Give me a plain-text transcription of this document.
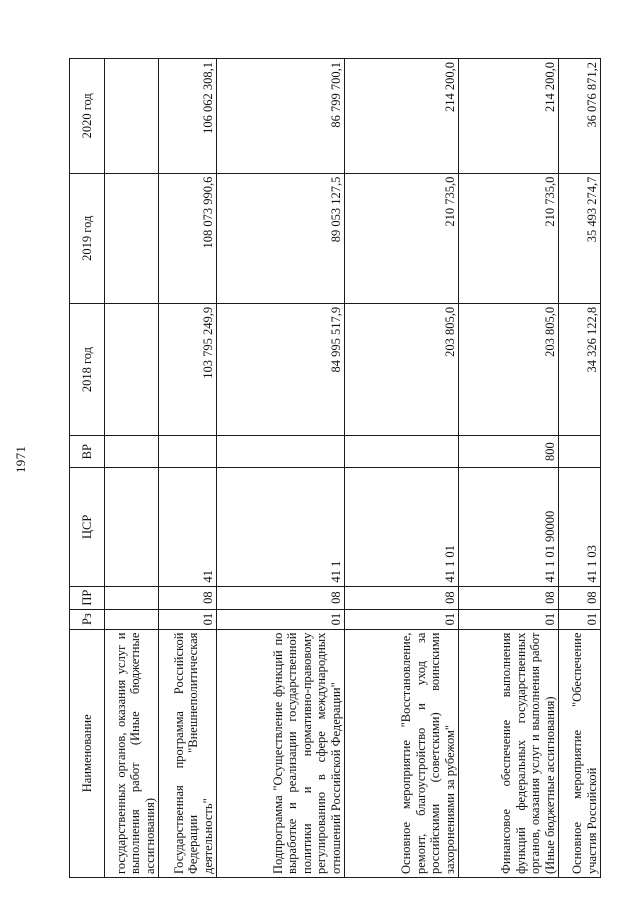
1971
Наименование	Рз	ПР	ЦСР	ВР	2018 год	2019 год	2020 год
государственных органов, оказания услуг и выполнения работ (Иные бюджетные ассигнования)							
Государственная программа Российской Федерации "Внешнеполитическая деятельность"	01	08	41		103 795 249,9	108 073 990,6	106 062 308,1
Подпрограмма "Осуществление функций по выработке и реализации государственной политики и нормативно-правовому регулированию в сфере международных отношений Российской Федерации"	01	08	41 1		84 995 517,9	89 053 127,5	86 799 700,1
Основное мероприятие "Восстановление, ремонт, благоустройство и уход за российскими (советскими) воинскими захоронениями за рубежом"	01	08	41 1 01		203 805,0	210 735,0	214 200,0
Финансовое обеспечение выполнения функций федеральных государственных органов, оказания услуг и выполнения работ (Иные бюджетные ассигнования)	01	08	41 1 01 90000	800	203 805,0	210 735,0	214 200,0
Основное мероприятие "Обеспечение участия Российской	01	08	41 1 03		34 326 122,8	35 493 274,7	36 076 871,2
